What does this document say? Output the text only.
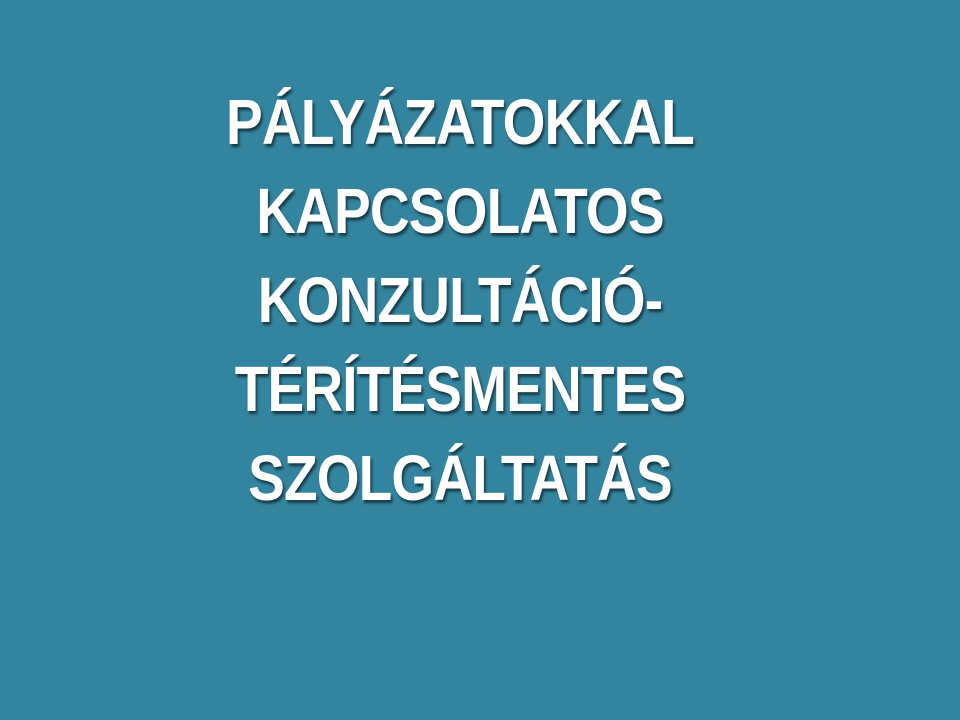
PÁLYÁZATOKKAL
KAPCSOLATOS
KONZULTÁCIÓ-
TÉRÍTÉSMENTES
SZOLGÁLTATÁS
